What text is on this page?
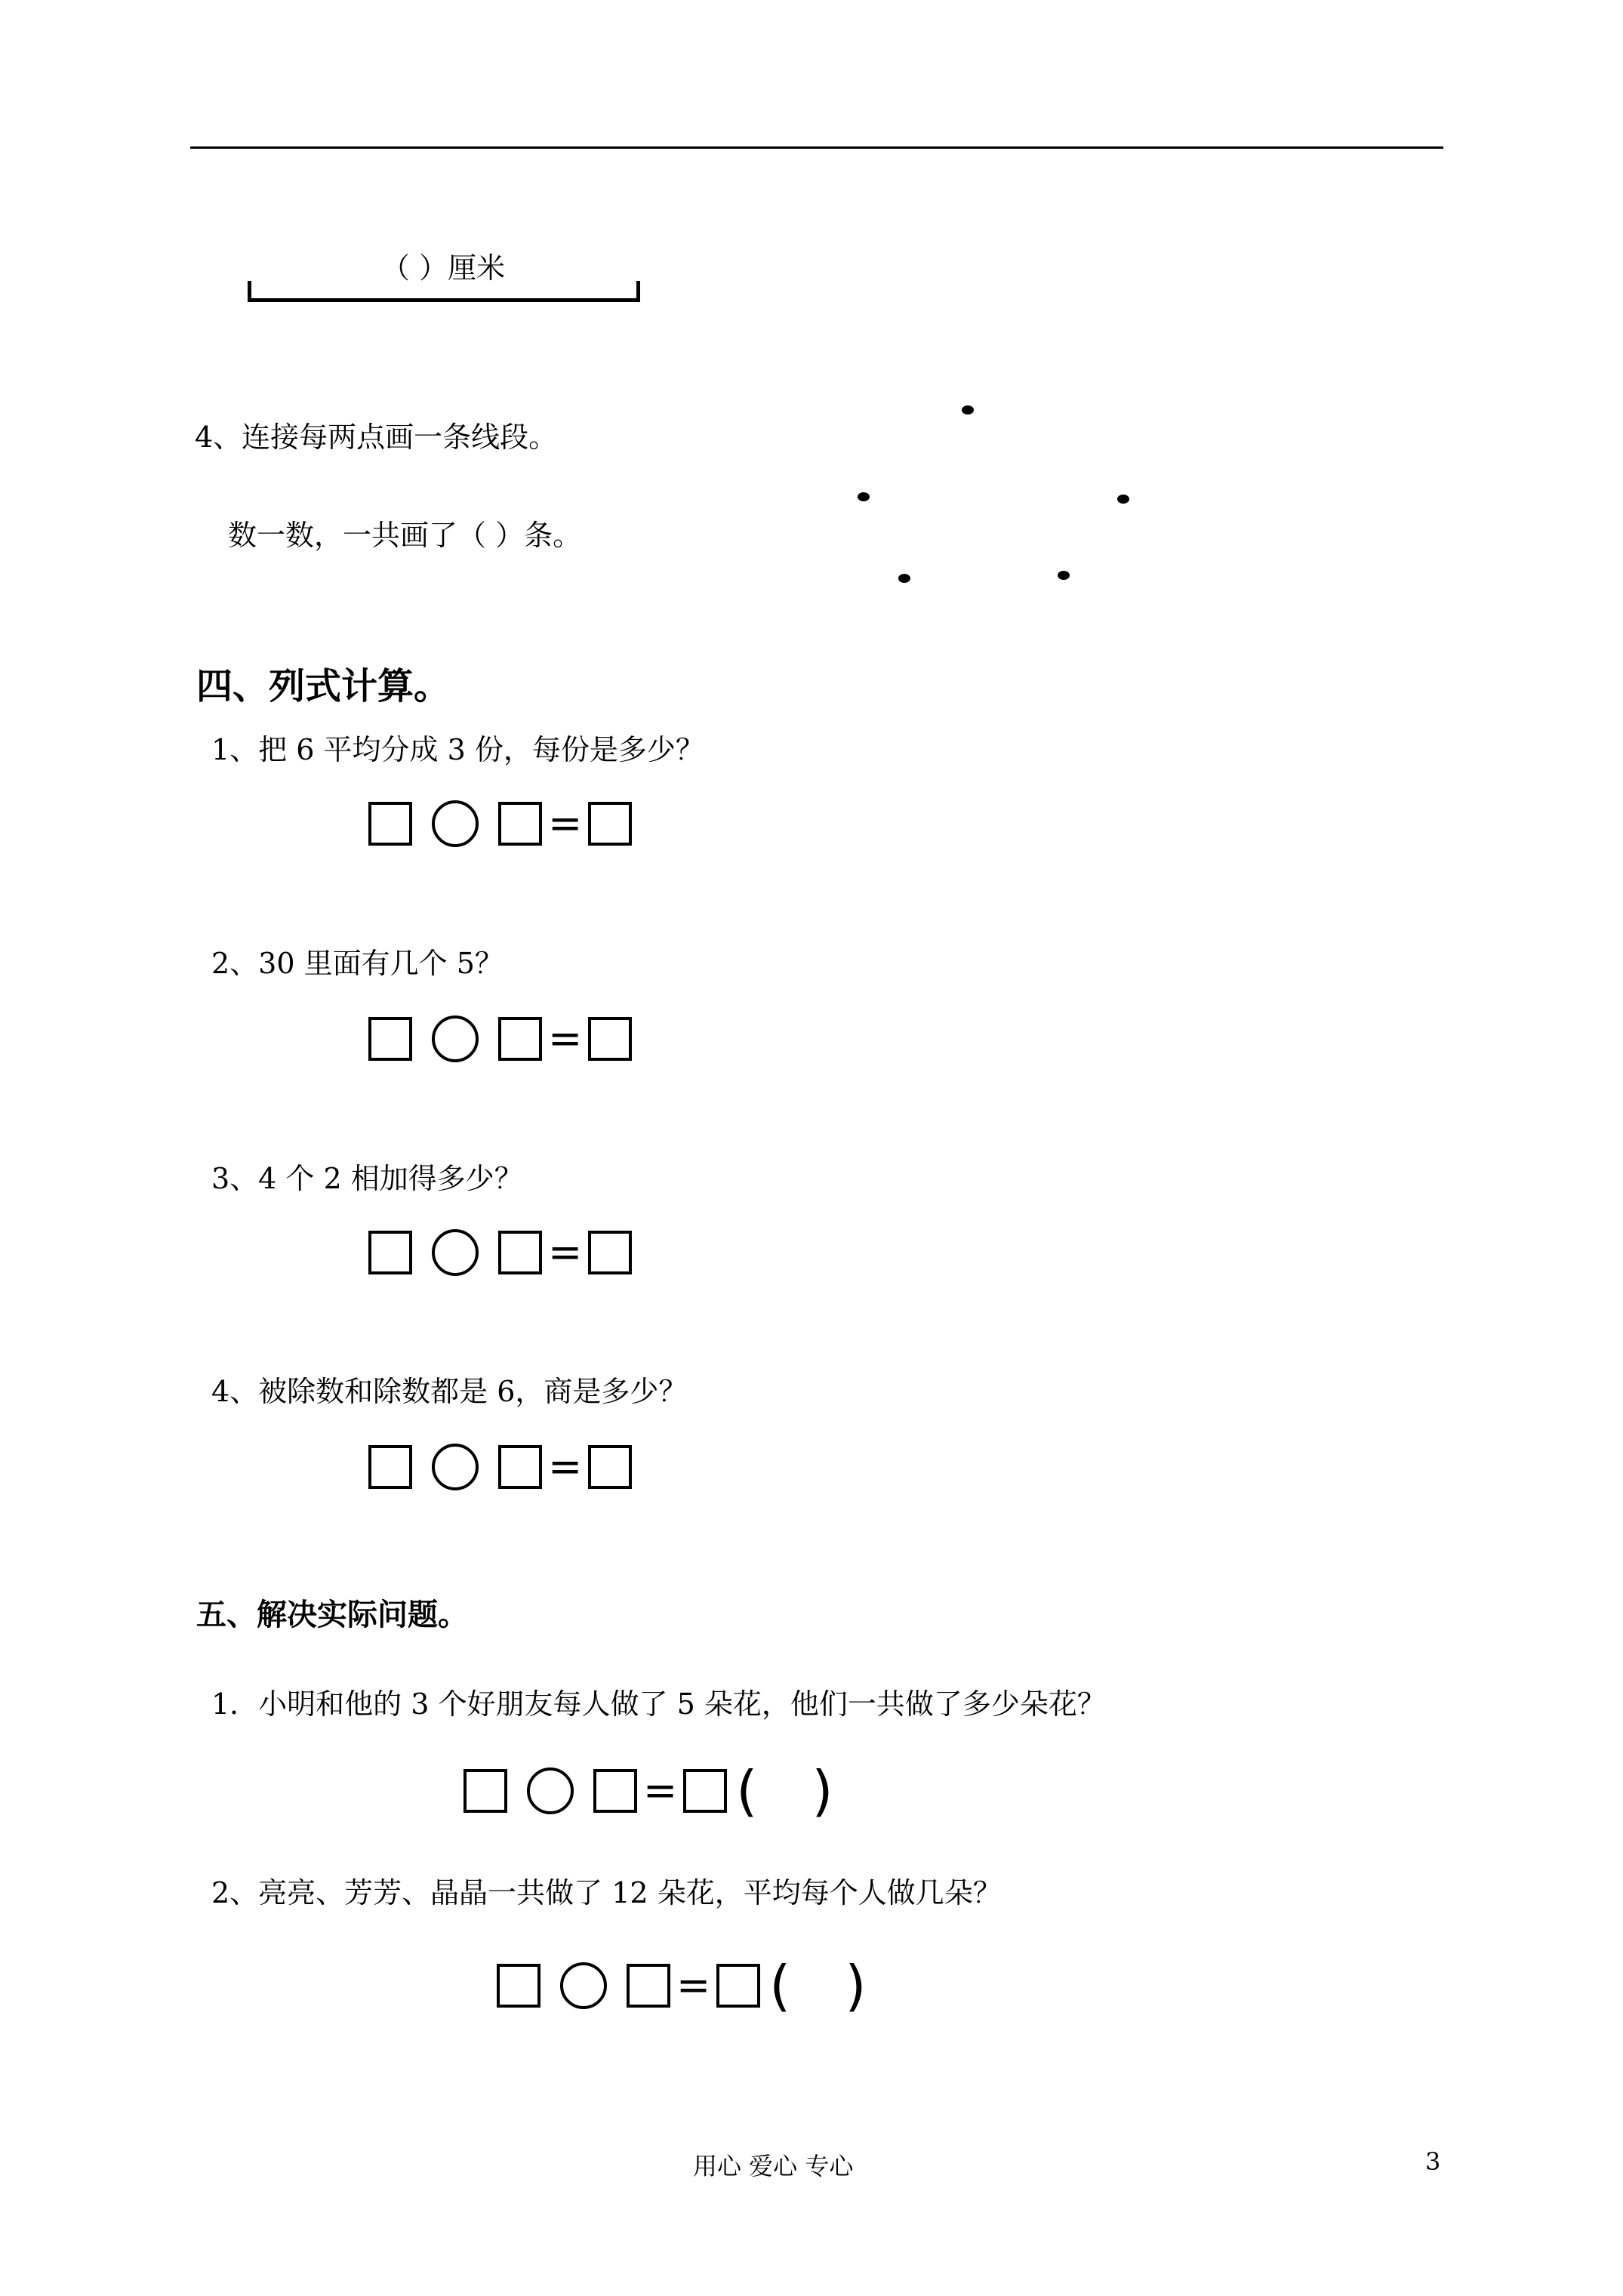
（ ）厘米
4、连接每两点画一条线段。
数一数，一共画了（ ）条。
四、列式计算。
1、把 6 平均分成 3 份，每份是多少？
=
2、30 里面有几个 5？
=
3、4 个 2 相加得多少？
=
4、被除数和除数都是 6，商是多少？
=
五、解决实际问题。
1．小明和他的 3 个好朋友每人做了 5 朵花，他们一共做了多少朵花？
= ( )
2、亮亮、芳芳、晶晶一共做了 12 朵花，平均每个人做几朵？
= ( )
用心 爱心 专心	3
